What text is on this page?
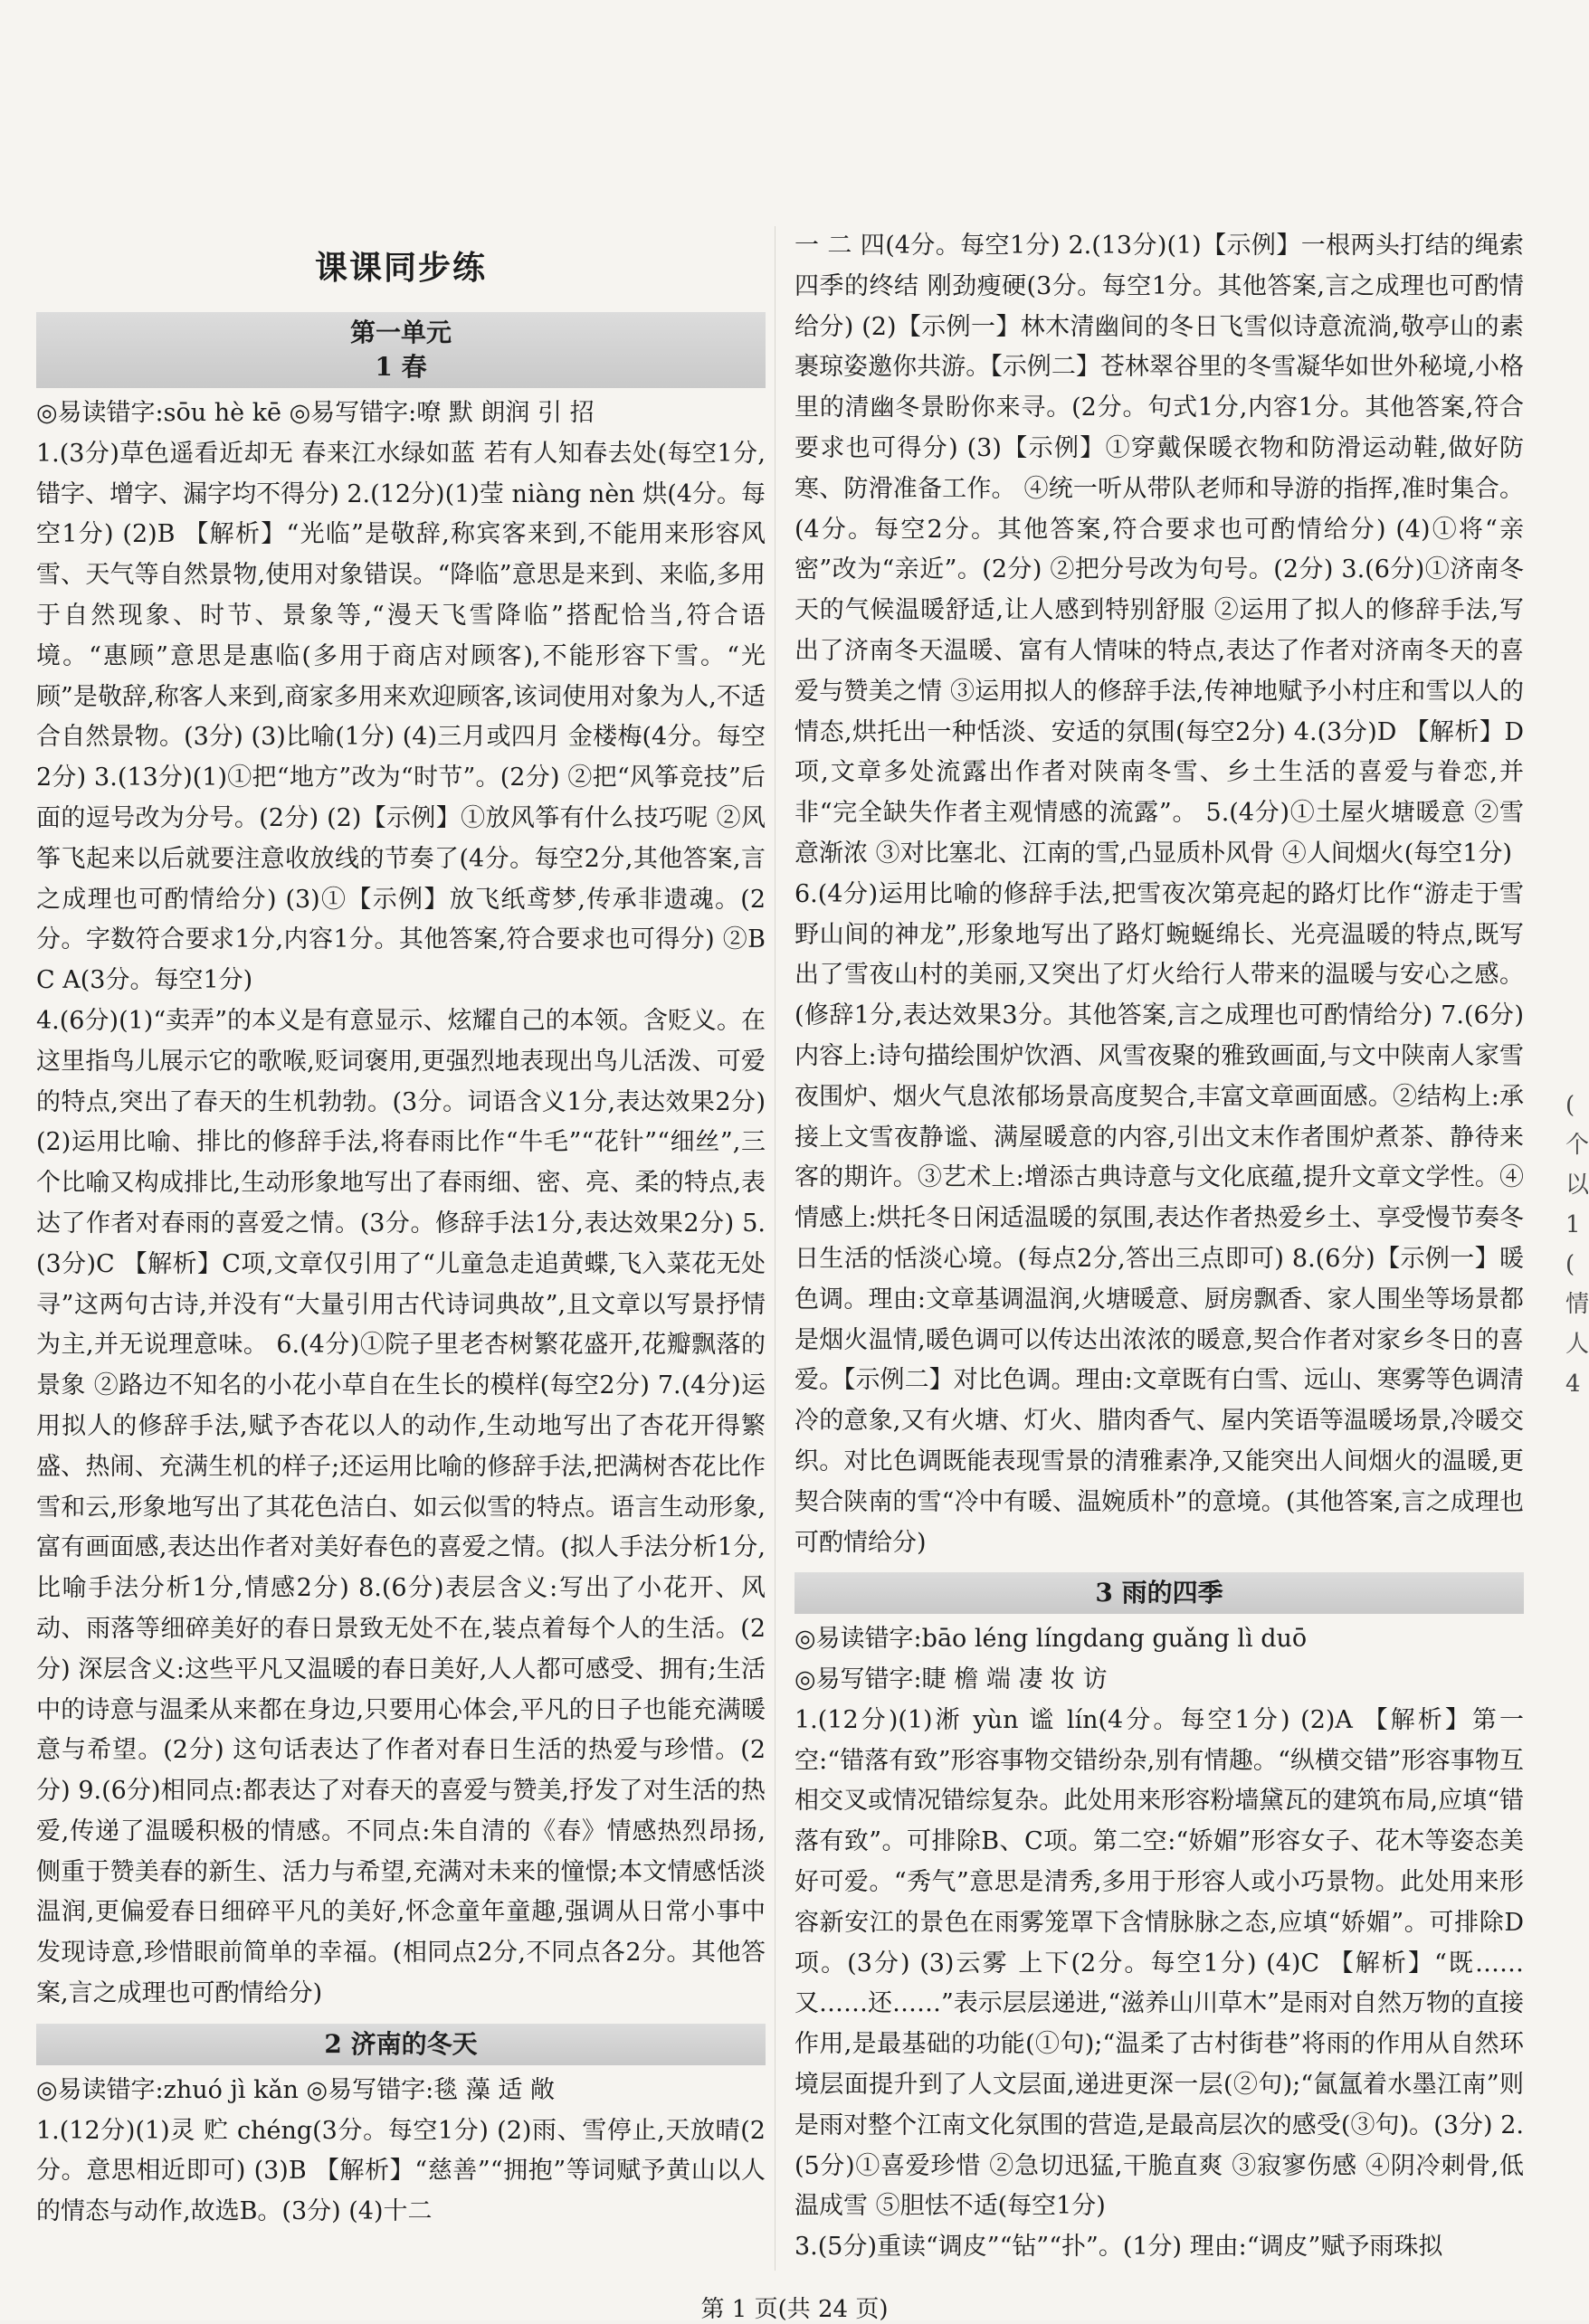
课课同步练
第一单元
1 春

◎易读错字:sōu hè kē ◎易写错字:嘹 默 朗润 引 招

1.(3分)草色遥看近却无 春来江水绿如蓝 若有人知春去处(每空1分,错字、增字、漏字均不得分) 2.(12分)(1)莹 niàng nèn 烘(4分。每空1分) (2)B 【解析】“光临”是敬辞,称宾客来到,不能用来形容风雪、天气等自然景物,使用对象错误。“降临”意思是来到、来临,多用于自然现象、时节、景象等,“漫天飞雪降临”搭配恰当,符合语境。“惠顾”意思是惠临(多用于商店对顾客),不能形容下雪。“光顾”是敬辞,称客人来到,商家多用来欢迎顾客,该词使用对象为人,不适合自然景物。(3分) (3)比喻(1分) (4)三月或四月 金楼梅(4分。每空2分) 3.(13分)(1)①把“地方”改为“时节”。(2分) ②把“风筝竞技”后面的逗号改为分号。(2分) (2)【示例】①放风筝有什么技巧呢 ②风筝飞起来以后就要注意收放线的节奏了(4分。每空2分,其他答案,言之成理也可酌情给分) (3)①【示例】放飞纸鸢梦,传承非遗魂。(2分。字数符合要求1分,内容1分。其他答案,符合要求也可得分) ②B C A(3分。每空1分)

4.(6分)(1)“卖弄”的本义是有意显示、炫耀自己的本领。含贬义。在这里指鸟儿展示它的歌喉,贬词褒用,更强烈地表现出鸟儿活泼、可爱的特点,突出了春天的生机勃勃。(3分。词语含义1分,表达效果2分) (2)运用比喻、排比的修辞手法,将春雨比作“牛毛”“花针”“细丝”,三个比喻又构成排比,生动形象地写出了春雨细、密、亮、柔的特点,表达了作者对春雨的喜爱之情。(3分。修辞手法1分,表达效果2分) 5.(3分)C 【解析】C项,文章仅引用了“儿童急走追黄蝶,飞入菜花无处寻”这两句古诗,并没有“大量引用古代诗词典故”,且文章以写景抒情为主,并无说理意味。 6.(4分)①院子里老杏树繁花盛开,花瓣飘落的景象 ②路边不知名的小花小草自在生长的模样(每空2分) 7.(4分)运用拟人的修辞手法,赋予杏花以人的动作,生动地写出了杏花开得繁盛、热闹、充满生机的样子;还运用比喻的修辞手法,把满树杏花比作雪和云,形象地写出了其花色洁白、如云似雪的特点。语言生动形象,富有画面感,表达出作者对美好春色的喜爱之情。(拟人手法分析1分,比喻手法分析1分,情感2分) 8.(6分)表层含义:写出了小花开、风动、雨落等细碎美好的春日景致无处不在,装点着每个人的生活。(2分) 深层含义:这些平凡又温暖的春日美好,人人都可感受、拥有;生活中的诗意与温柔从来都在身边,只要用心体会,平凡的日子也能充满暖意与希望。(2分) 这句话表达了作者对春日生活的热爱与珍惜。(2分) 9.(6分)相同点:都表达了对春天的喜爱与赞美,抒发了对生活的热爱,传递了温暖积极的情感。不同点:朱自清的《春》情感热烈昂扬,侧重于赞美春的新生、活力与希望,充满对未来的憧憬;本文情感恬淡温润,更偏爱春日细碎平凡的美好,怀念童年童趣,强调从日常小事中发现诗意,珍惜眼前简单的幸福。(相同点2分,不同点各2分。其他答案,言之成理也可酌情给分)

2 济南的冬天

◎易读错字:zhuó jì kǎn ◎易写错字:毯 藻 适 敞

1.(12分)(1)灵 贮 chéng(3分。每空1分) (2)雨、雪停止,天放晴(2分。意思相近即可) (3)B 【解析】“慈善”“拥抱”等词赋予黄山以人的情态与动作,故选B。(3分) (4)十二

一 二 四(4分。每空1分) 2.(13分)(1)【示例】一根两头打结的绳索 四季的终结 刚劲瘦硬(3分。每空1分。其他答案,言之成理也可酌情给分) (2)【示例一】林木清幽间的冬日飞雪似诗意流淌,敬亭山的素裹琼姿邀你共游。【示例二】苍林翠谷里的冬雪凝华如世外秘境,小格里的清幽冬景盼你来寻。(2分。句式1分,内容1分。其他答案,符合要求也可得分) (3)【示例】①穿戴保暖衣物和防滑运动鞋,做好防寒、防滑准备工作。 ④统一听从带队老师和导游的指挥,准时集合。(4分。每空2分。其他答案,符合要求也可酌情给分) (4)①将“亲密”改为“亲近”。(2分) ②把分号改为句号。(2分) 3.(6分)①济南冬天的气候温暖舒适,让人感到特别舒服 ②运用了拟人的修辞手法,写出了济南冬天温暖、富有人情味的特点,表达了作者对济南冬天的喜爱与赞美之情 ③运用拟人的修辞手法,传神地赋予小村庄和雪以人的情态,烘托出一种恬淡、安适的氛围(每空2分) 4.(3分)D 【解析】D项,文章多处流露出作者对陕南冬雪、乡土生活的喜爱与眷恋,并非“完全缺失作者主观情感的流露”。 5.(4分)①土屋火塘暖意 ②雪意渐浓 ③对比塞北、江南的雪,凸显质朴风骨 ④人间烟火(每空1分)

6.(4分)运用比喻的修辞手法,把雪夜次第亮起的路灯比作“游走于雪野山间的神龙”,形象地写出了路灯蜿蜒绵长、光亮温暖的特点,既写出了雪夜山村的美丽,又突出了灯火给行人带来的温暖与安心之感。(修辞1分,表达效果3分。其他答案,言之成理也可酌情给分) 7.(6分)内容上:诗句描绘围炉饮酒、风雪夜聚的雅致画面,与文中陕南人家雪夜围炉、烟火气息浓郁场景高度契合,丰富文章画面感。②结构上:承接上文雪夜静谧、满屋暖意的内容,引出文末作者围炉煮茶、静待来客的期许。③艺术上:增添古典诗意与文化底蕴,提升文章文学性。④情感上:烘托冬日闲适温暖的氛围,表达作者热爱乡土、享受慢节奏冬日生活的恬淡心境。(每点2分,答出三点即可) 8.(6分)【示例一】暖色调。理由:文章基调温润,火塘暖意、厨房飘香、家人围坐等场景都是烟火温情,暖色调可以传达出浓浓的暖意,契合作者对家乡冬日的喜爱。【示例二】对比色调。理由:文章既有白雪、远山、寒雾等色调清冷的意象,又有火塘、灯火、腊肉香气、屋内笑语等温暖场景,冷暖交织。对比色调既能表现雪景的清雅素净,又能突出人间烟火的温暖,更契合陕南的雪“冷中有暖、温婉质朴”的意境。(其他答案,言之成理也可酌情给分)

3 雨的四季

◎易读错字:bāo léng língdang guǎng lì duō

◎易写错字:睫 檐 端 凄 妆 访

1.(12分)(1)淅 yùn 谧 lín(4分。每空1分) (2)A 【解析】第一空:“错落有致”形容事物交错纷杂,别有情趣。“纵横交错”形容事物互相交叉或情况错综复杂。此处用来形容粉墙黛瓦的建筑布局,应填“错落有致”。可排除B、C项。第二空:“娇媚”形容女子、花木等姿态美好可爱。“秀气”意思是清秀,多用于形容人或小巧景物。此处用来形容新安江的景色在雨雾笼罩下含情脉脉之态,应填“娇媚”。可排除D项。(3分) (3)云雾 上下(2分。每空1分) (4)C 【解析】“既……又……还……”表示层层递进,“滋养山川草木”是雨对自然万物的直接作用,是最基础的功能(①句);“温柔了古村街巷”将雨的作用从自然环境层面提升到了人文层面,递进更深一层(②句);“氤氲着水墨江南”则是雨对整个江南文化氛围的营造,是最高层次的感受(③句)。(3分) 2.(5分)①喜爱珍惜 ②急切迅猛,干脆直爽 ③寂寥伤感 ④阴冷刺骨,低温成雪 ⑤胆怯不适(每空1分)

3.(5分)重读“调皮”“钻”“扑”。(1分) 理由:“调皮”赋予雨珠拟

(
个
以
1
(
情
人
4
第 1 页(共 24 页)
